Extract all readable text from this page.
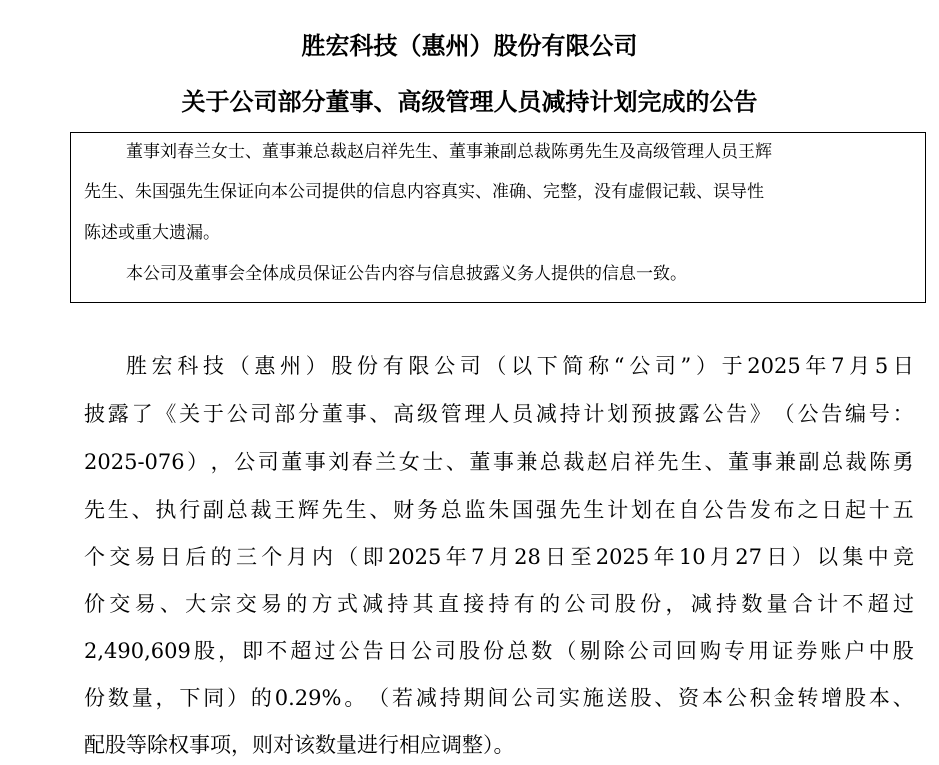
胜宏科技（惠州）股份有限公司
关于公司部分董事、高级管理人员减持计划完成的公告
董事刘春兰女士、董事兼总裁赵启祥先生、董事兼副总裁陈勇先生及高级管理人员王辉
先生、朱国强先生保证向本公司提供的信息内容真实、准确、完整，没有虚假记载、误导性
陈述或重大遗漏。
本公司及董事会全体成员保证公告内容与信息披露义务人提供的信息一致。
胜 宏 科 技 （ 惠 州 ） 股 份 有 限 公 司 （ 以 下 简 称 “ 公 司 ” ） 于 2025 年 7 月 5 日
披 露 了 《 关 于 公 司 部 分 董 事 、 高 级 管 理 人 员 减 持 计 划 预 披 露 公 告 》 （ 公 告 编 号 ：
2025-076 ） ， 公 司 董 事 刘 春 兰 女 士 、 董 事 兼 总 裁 赵 启 祥 先 生 、 董 事 兼 副 总 裁 陈 勇
先 生 、 执 行 副 总 裁 王 辉 先 生 、 财 务 总 监 朱 国 强 先 生 计 划 在 自 公 告 发 布 之 日 起 十 五
个 交 易 日 后 的 三 个 月 内 （ 即 2025 年 7 月 28 日 至 2025 年 10 月 27 日 ） 以 集 中 竞
价 交 易 、 大 宗 交 易 的 方 式 减 持 其 直 接 持 有 的 公 司 股 份 ， 减 持 数 量 合 计 不 超 过
2,490,609 股 ， 即 不 超 过 公 告 日 公 司 股 份 总 数 （ 剔 除 公 司 回 购 专 用 证 券 账 户 中 股
份 数 量 ， 下 同 ） 的 0.29% 。 （ 若 减 持 期 间 公 司 实 施 送 股 、 资 本 公 积 金 转 增 股 本 、
配股等除权事项，则对该数量进行相应调整）。
